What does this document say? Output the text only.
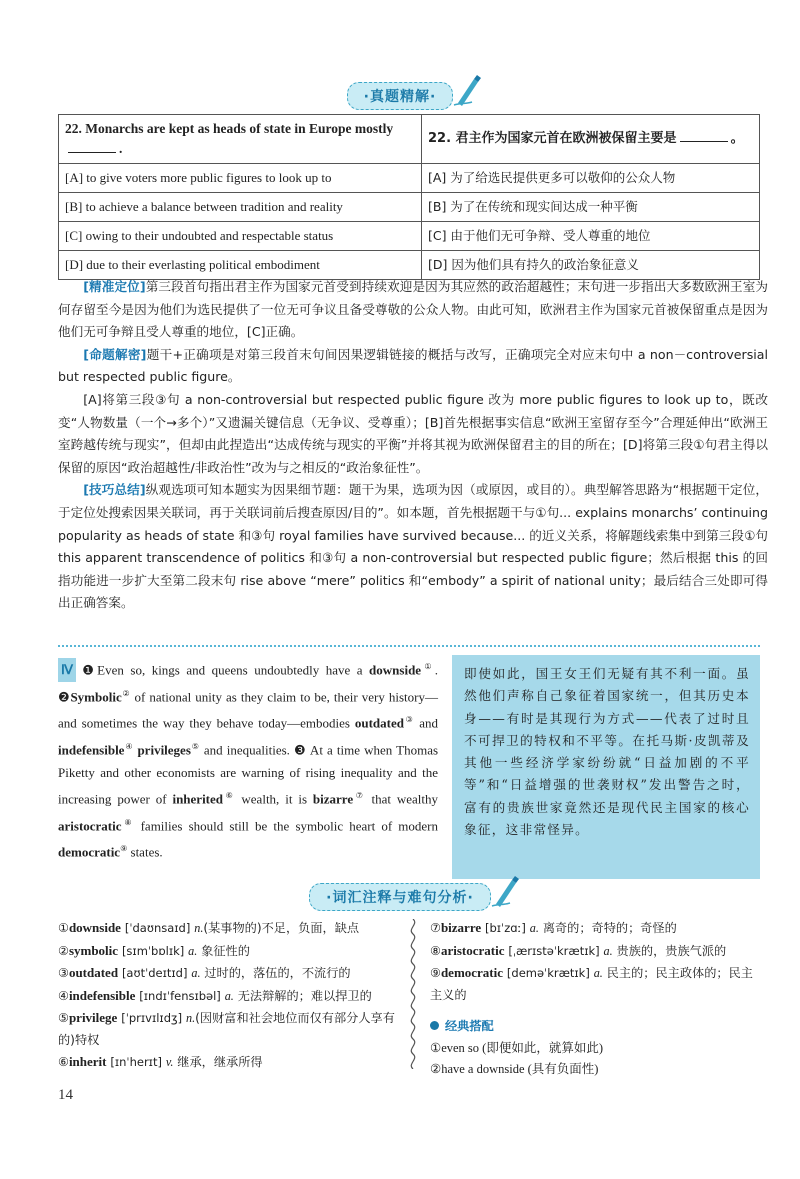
·真题精解·
22. Monarchs are kept as heads of state in Europe mostly.	22. 君主作为国家元首在欧洲被保留主要是 。
[A] to give voters more public figures to look up to	[A] 为了给选民提供更多可以敬仰的公众人物
[B] to achieve a balance between tradition and reality	[B] 为了在传统和现实间达成一种平衡
[C] owing to their undoubted and respectable status	[C] 由于他们无可争辩、受人尊重的地位
[D] due to their everlasting political embodiment	[D] 因为他们具有持久的政治象征意义

[精准定位]第三段首句指出君主作为国家元首受到持续欢迎是因为其应然的政治超越性；末句进一步指出大多数欧洲王室为何存留至今是因为他们为选民提供了一位无可争议且备受尊敬的公众人物。由此可知，欧洲君主作为国家元首被保留重点是因为他们无可争辩且受人尊重的地位，[C]正确。

[命题解密]题干+正确项是对第三段首末句间因果逻辑链接的概括与改写，正确项完全对应末句中 a non－controversial but respected public figure。

[A]将第三段③句 a non-controversial but respected public figure 改为 more public figures to look up to，既改变“人物数量（一个→多个）”又遗漏关键信息（无争议、受尊重）；[B]首先根据事实信息“欧洲王室留存至今”合理延伸出“欧洲王室跨越传统与现实”，但却由此捏造出“达成传统与现实的平衡”并将其视为欧洲保留君主的目的所在；[D]将第三段①句君主得以保留的原因“政治超越性/非政治性”改为与之相反的“政治象征性”。

[技巧总结]纵观选项可知本题实为因果细节题：题干为果，选项为因（或原因，或目的）。典型解答思路为“根据题干定位，于定位处搜索因果关联词，再于关联词前后搜查原因/目的”。如本题，首先根据题干与①句... explains monarchs’ continuing popularity as heads of state 和③句 royal families have survived because... 的近义关系，将解题线索集中到第三段①句 this apparent transcendence of politics 和③句 a non-controversial but respected public figure；然后根据 this 的回指功能进一步扩大至第二段末句 rise above “mere” politics 和“embody” a spirit of national unity；最后结合三处即可得出正确答案。

Ⅳ ❶Even so, kings and queens undoubtedly have a downside①. ❷Symbolic② of national unity as they claim to be, their very history—and sometimes the way they behave today—embodies outdated③ and indefensible④ privileges⑤ and inequalities. ❸ At a time when Thomas Piketty and other economists are warning of rising inequality and the increasing power of inherited⑥ wealth, it is bizarre⑦ that wealthy aristocratic⑧ families should still be the symbolic heart of modern democratic⑨ states.
即使如此，国王女王们无疑有其不利一面。虽然他们声称自己象征着国家统一，但其历史本身——有时是其现行为方式——代表了过时且不可捍卫的特权和不平等。在托马斯·皮凯蒂及其他一些经济学家纷纷就“日益加剧的不平等”和“日益增强的世袭财权”发出警告之时，富有的贵族世家竟然还是现代民主国家的核心象征，这非常怪异。
·词汇注释与难句分析·
①downside [ˈdaʊnsaɪd] n.(某事物的)不足，负面，缺点
②symbolic [sɪmˈbɒlɪk] a. 象征性的
③outdated [aʊtˈdeɪtɪd] a. 过时的，落伍的，不流行的
④indefensible [ɪndɪˈfensɪbəl] a. 无法辩解的；难以捍卫的
⑤privilege [ˈprɪvɪlɪdʒ] n.(因财富和社会地位而仅有部分人享有的)特权
⑥inherit [ɪnˈherɪt] v. 继承，继承所得
⑦bizarre [bɪˈzɑː] a. 离奇的；奇特的；奇怪的
⑧aristocratic [ˌærɪstəˈkrætɪk] a. 贵族的，贵族气派的
⑨democratic [deməˈkrætɪk] a. 民主的；民主政体的；民主主义的
经典搭配
①even so (即便如此，就算如此)
②have a downside (具有负面性)
14
